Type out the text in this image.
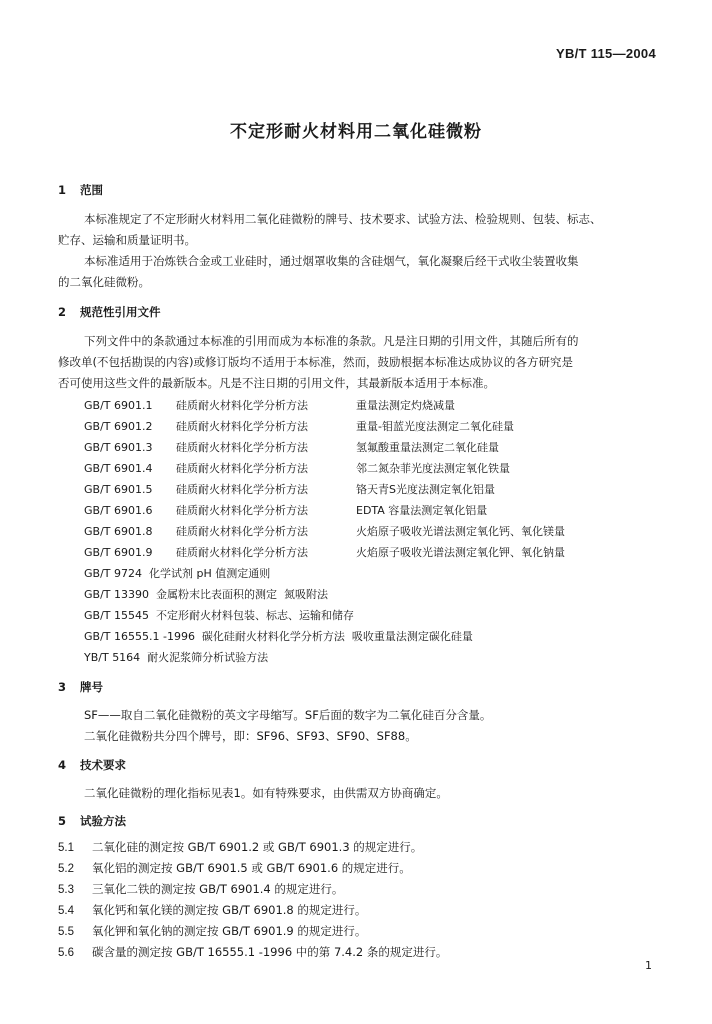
YB/T 115—2004
不定形耐火材料用二氧化硅微粉
1 范围
本标准规定了不定形耐火材料用二氧化硅微粉的牌号、技术要求、试验方法、检验规则、包装、标志、
贮存、运输和质量证明书。
本标准适用于冶炼铁合金或工业硅时，通过烟罩收集的含硅烟气，氧化凝聚后经干式收尘装置收集
的二氧化硅微粉。
2 规范性引用文件
下列文件中的条款通过本标准的引用而成为本标准的条款。凡是注日期的引用文件，其随后所有的
修改单(不包括勘误的内容)或修订版均不适用于本标准，然而，鼓励根据本标准达成协议的各方研究是
否可使用这些文件的最新版本。凡是不注日期的引用文件，其最新版本适用于本标准。
GB/T 6901.1 硅质耐火材料化学分析方法	重量法测定灼烧减量
GB/T 6901.2 硅质耐火材料化学分析方法	重量-钼蓝光度法测定二氧化硅量
GB/T 6901.3 硅质耐火材料化学分析方法	氢氟酸重量法测定二氧化硅量
GB/T 6901.4 硅质耐火材料化学分析方法	邻二氮杂菲光度法测定氧化铁量
GB/T 6901.5 硅质耐火材料化学分析方法	铬天青S光度法测定氧化铝量
GB/T 6901.6 硅质耐火材料化学分析方法	EDTA 容量法测定氧化铝量
GB/T 6901.8 硅质耐火材料化学分析方法	火焰原子吸收光谱法测定氧化钙、氧化镁量
GB/T 6901.9 硅质耐火材料化学分析方法	火焰原子吸收光谱法测定氧化钾、氧化钠量
GB/T 9724  化学试剂 pH 值测定通则
GB/T 13390  金属粉末比表面积的测定  氮吸附法
GB/T 15545  不定形耐火材料包装、标志、运输和储存
GB/T 16555.1 -1996  碳化硅耐火材料化学分析方法  吸收重量法测定碳化硅量
YB/T 5164  耐火泥浆筛分析试验方法
3 牌号
SF——取自二氧化硅微粉的英文字母缩写。SF后面的数字为二氧化硅百分含量。
二氧化硅微粉共分四个牌号，即：SF96、SF93、SF90、SF88。
4 技术要求
二氧化硅微粉的理化指标见表1。如有特殊要求，由供需双方协商确定。
5 试验方法
5.1 二氧化硅的测定按 GB/T 6901.2 或 GB/T 6901.3 的规定进行。
5.2 氧化铝的测定按 GB/T 6901.5 或 GB/T 6901.6 的规定进行。
5.3 三氧化二铁的测定按 GB/T 6901.4 的规定进行。
5.4 氧化钙和氧化镁的测定按 GB/T 6901.8 的规定进行。
5.5 氧化钾和氧化钠的测定按 GB/T 6901.9 的规定进行。
5.6 碳含量的测定按 GB/T 16555.1 -1996 中的第 7.4.2 条的规定进行。
1
